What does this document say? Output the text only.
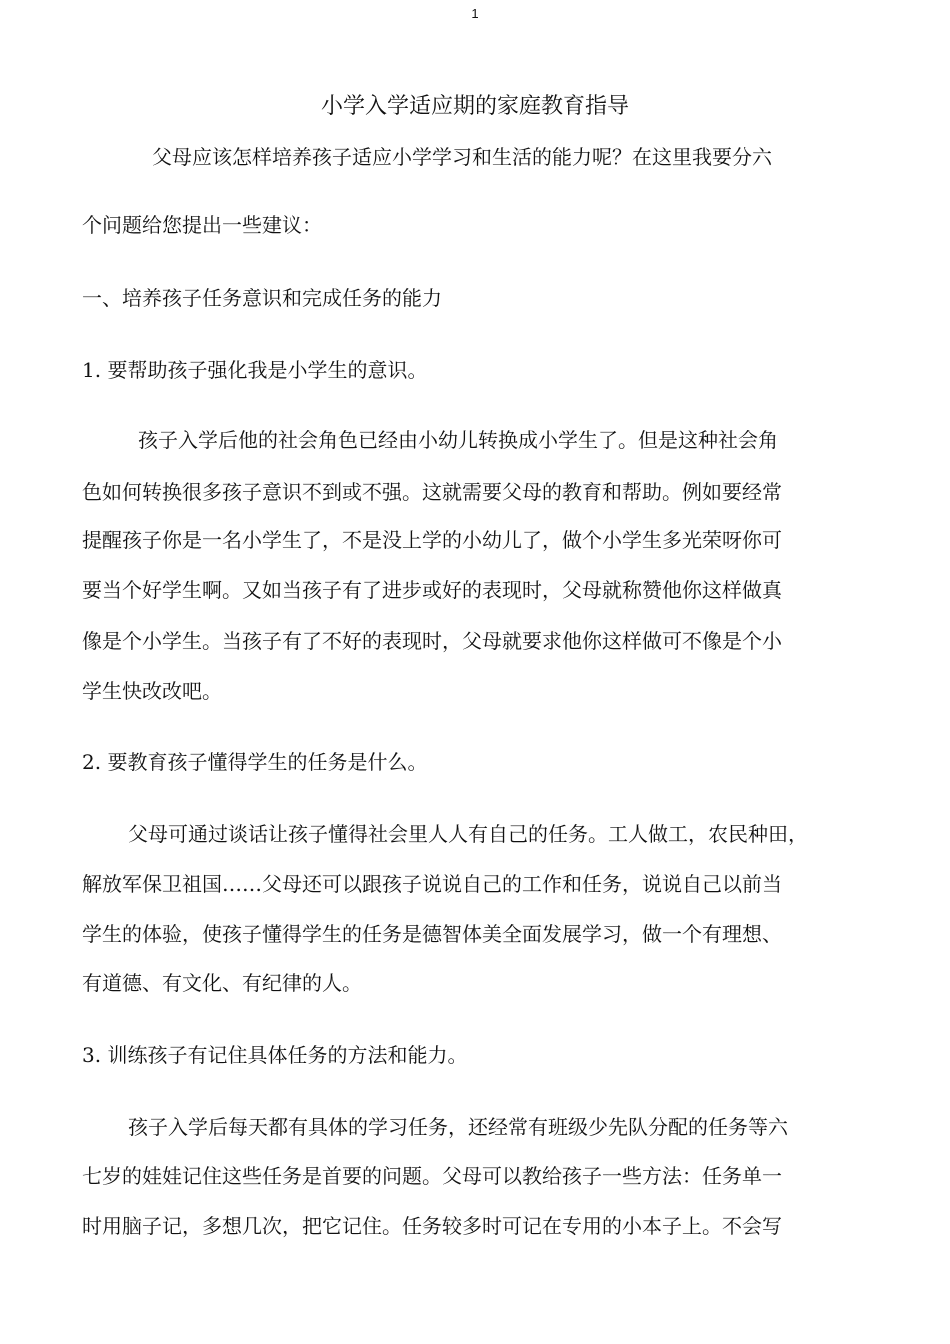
1
小学入学适应期的家庭教育指导
父母应该怎样培养孩子适应小学学习和生活的能力呢？在这里我要分六
个问题给您提出一些建议：
一、培养孩子任务意识和完成任务的能力
1. 要帮助孩子强化我是小学生的意识。
孩子入学后他的社会角色已经由小幼儿转换成小学生了。但是这种社会角
色如何转换很多孩子意识不到或不强。这就需要父母的教育和帮助。例如要经常
提醒孩子你是一名小学生了，不是没上学的小幼儿了，做个小学生多光荣呀你可
要当个好学生啊。又如当孩子有了进步或好的表现时，父母就称赞他你这样做真
像是个小学生。当孩子有了不好的表现时，父母就要求他你这样做可不像是个小
学生快改改吧。
2. 要教育孩子懂得学生的任务是什么。
父母可通过谈话让孩子懂得社会里人人有自己的任务。工人做工，农民种田，
解放军保卫祖国……父母还可以跟孩子说说自己的工作和任务，说说自己以前当
学生的体验，使孩子懂得学生的任务是德智体美全面发展学习，做一个有理想、
有道德、有文化、有纪律的人。
3. 训练孩子有记住具体任务的方法和能力。
孩子入学后每天都有具体的学习任务，还经常有班级少先队分配的任务等六
七岁的娃娃记住这些任务是首要的问题。父母可以教给孩子一些方法：任务单一
时用脑子记，多想几次，把它记住。任务较多时可记在专用的小本子上。不会写
